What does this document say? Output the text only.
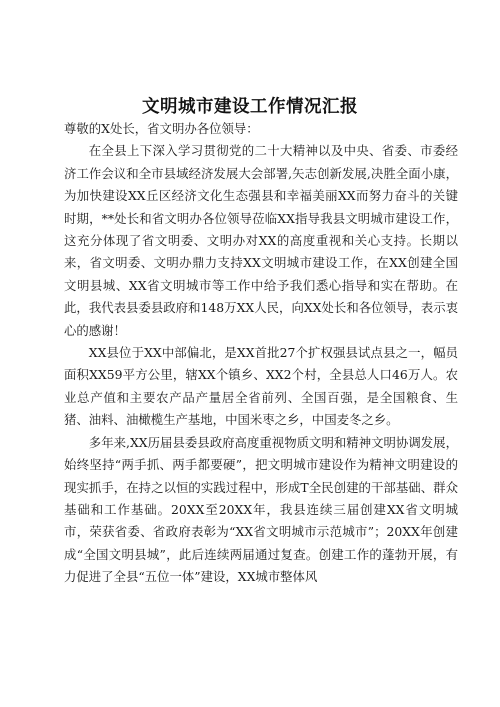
文明城市建设工作情况汇报

尊敬的X处长，省文明办各位领导：

在全县上下深入学习贯彻党的二十大精神以及中央、省委、市委经济工作会议和全市县域经济发展大会部署,矢志创新发展,决胜全面小康，为加快建设XX丘区经济文化生态强县和幸福美丽XX而努力奋斗的关键时期，**处长和省文明办各位领导莅临XX指导我县文明城市建设工作，这充分体现了省文明委、文明办对XX的高度重视和关心支持。长期以来，省文明委、文明办鼎力支持XX文明城市建设工作，在XX创建全国文明县城、XX省文明城市等工作中给予我们悉心指导和实在帮助。在此，我代表县委县政府和148万XX人民，向XX处长和各位领导，表示衷心的感谢！

XX县位于XX中部偏北，是XX首批27个扩权强县试点县之一，幅员面积XX59平方公里，辖XX个镇乡、XX2个村，全县总人口46万人。农业总产值和主要农产品产量居全省前列、全国百强，是全国粮食、生猪、油料、油橄榄生产基地，中国米枣之乡，中国麦冬之乡。

多年来,XX历届县委县政府高度重视物质文明和精神文明协调发展，始终坚持“两手抓、两手都要硬”，把文明城市建设作为精神文明建设的现实抓手，在持之以恒的实践过程中，形成T全民创建的干部基础、群众基础和工作基础。20XX至20XX年，我县连续三届创建XX省文明城市，荣获省委、省政府表彰为“XX省文明城市示范城市”；20XX年创建成“全国文明县城”，此后连续两届通过复查。创建工作的蓬勃开展，有力促进了全县“五位一体”建设，XX城市整体风
